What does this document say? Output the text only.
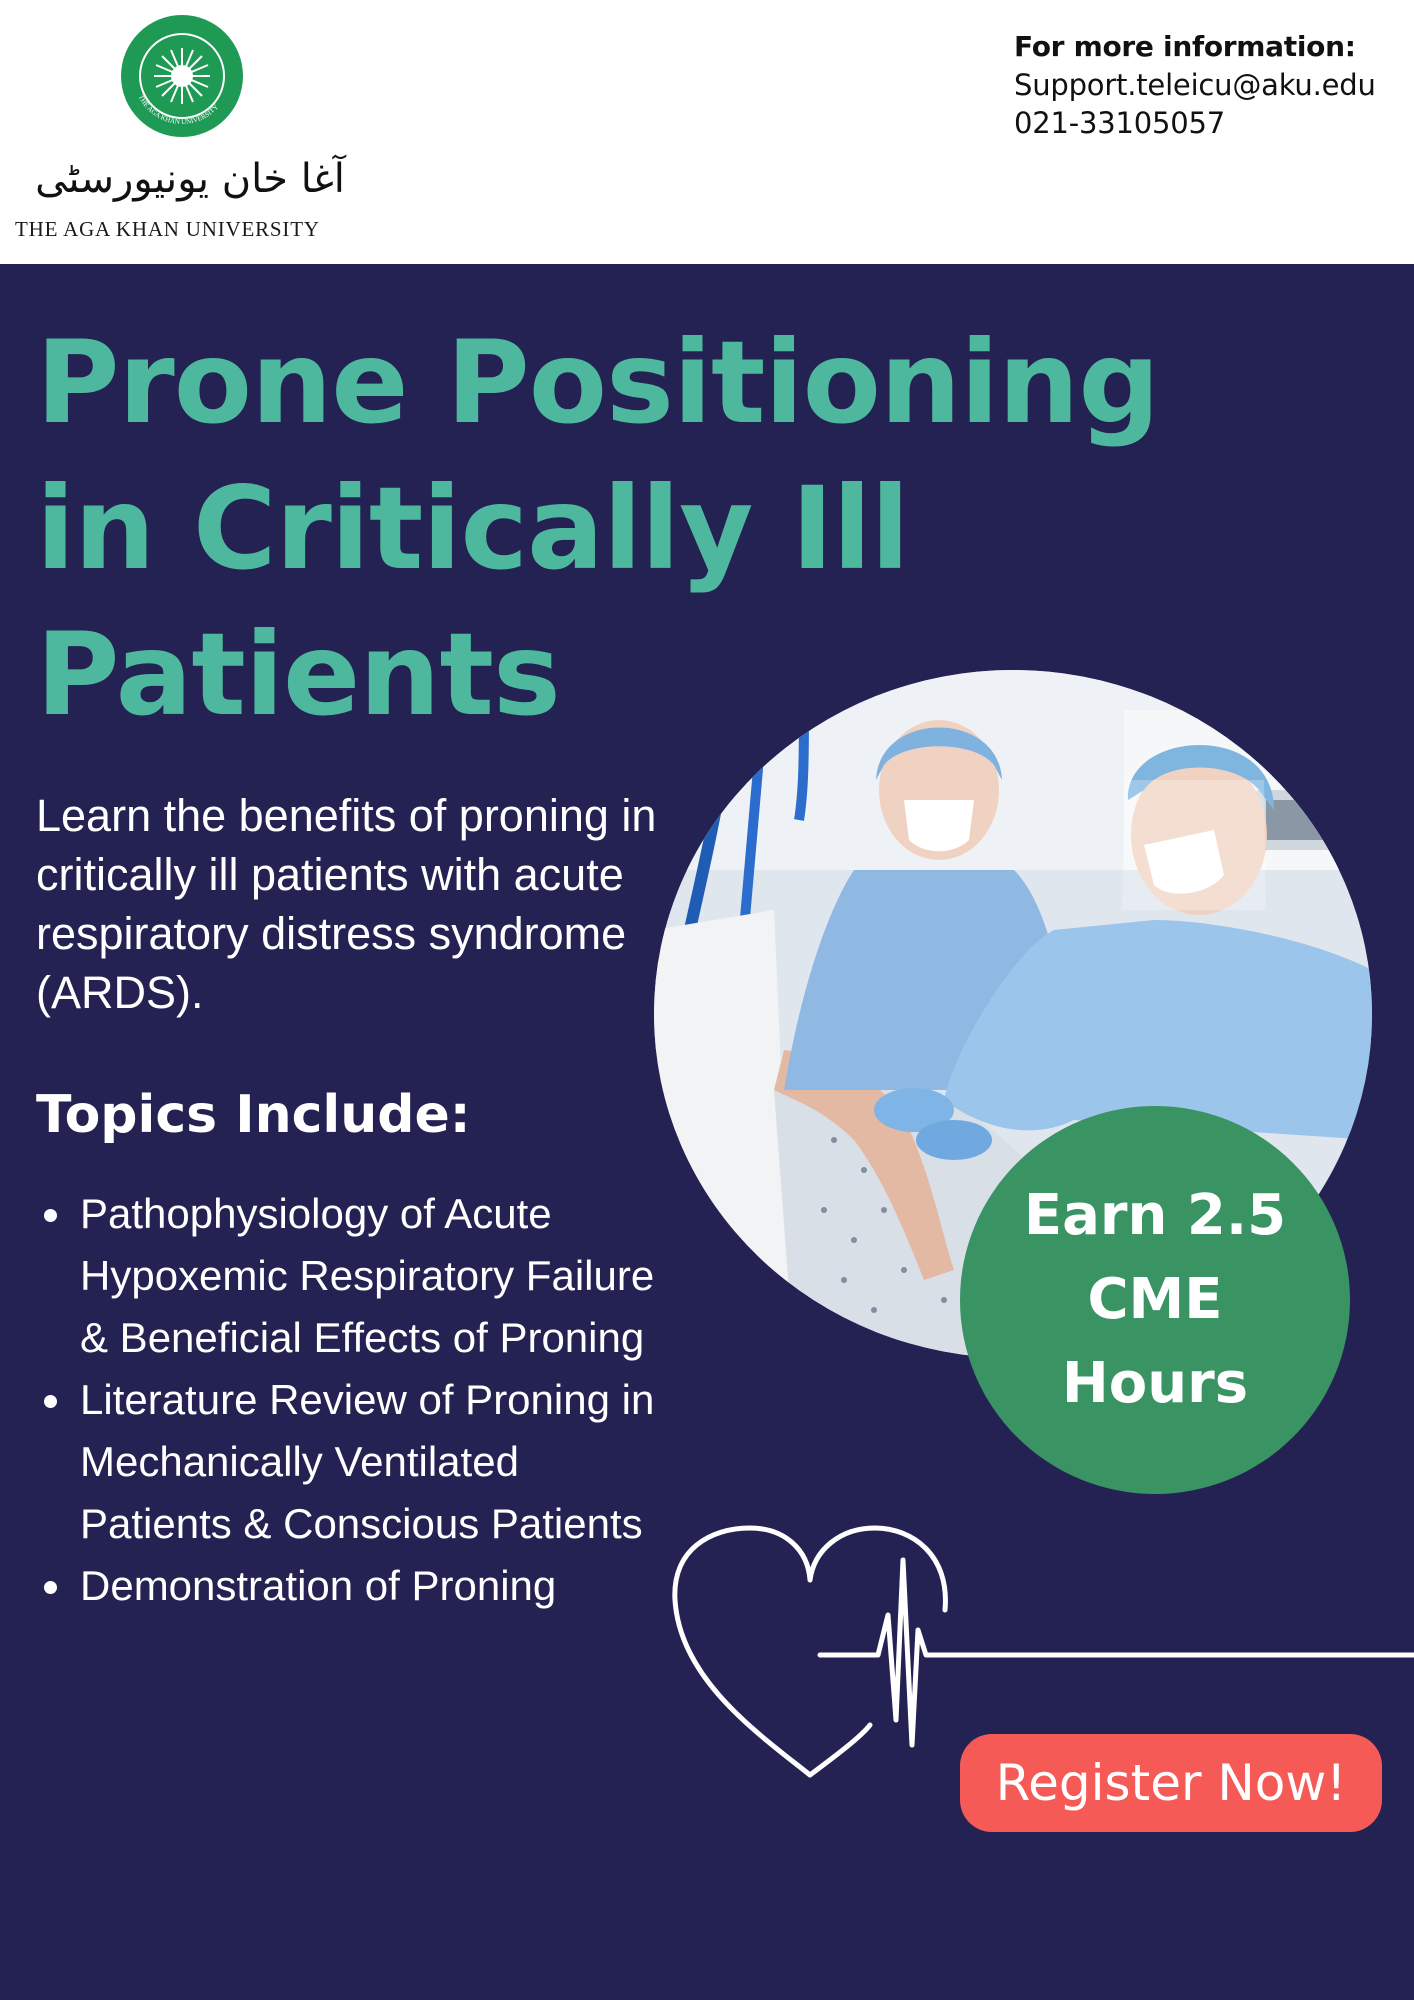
THE AGA KHAN UNIVERSITY
آغا خان یونیورسٹی
THE AGA KHAN UNIVERSITY
For more information:
Support.teleicu@aku.edu
021-33105057
Prone Positioning
in Critically Ill
Patients
Learn the benefits of proning in critically ill patients with acute respiratory distress syndrome (ARDS).
Topics Include:
Pathophysiology of Acute Hypoxemic Respiratory Failure & Beneficial Effects of Proning
Literature Review of Proning in Mechanically Ventilated Patients & Conscious Patients
Demonstration of Proning
Earn 2.5
CME
Hours
Register Now!
